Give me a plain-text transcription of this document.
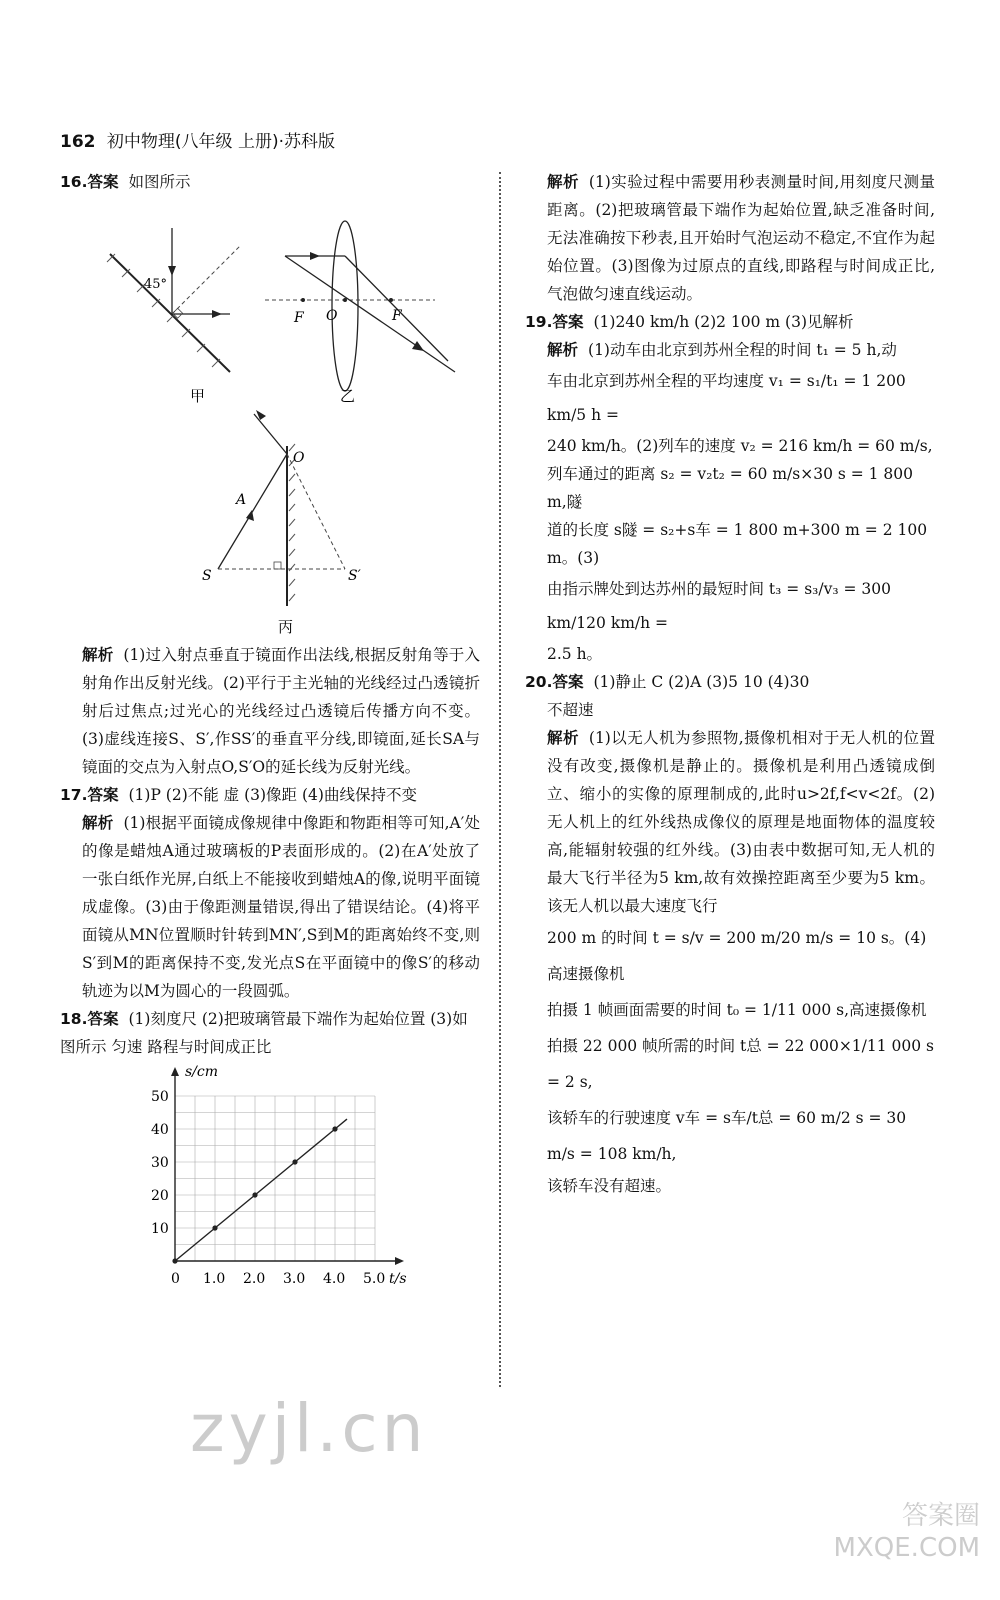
162 初中物理(八年级 上册)·苏科版

16.答案 如图所示

45°
甲
F O	F
乙
O
A
S	S′
丙

解析 (1)过入射点垂直于镜面作出法线,根据反射角等于入射角作出反射光线。(2)平行于主光轴的光线经过凸透镜折射后过焦点;过光心的光线经过凸透镜后传播方向不变。(3)虚线连接S、S′,作SS′的垂直平分线,即镜面,延长SA与镜面的交点为入射点O,S′O的延长线为反射光线。

17.答案 (1)P (2)不能 虚 (3)像距 (4)曲线保持不变

解析 (1)根据平面镜成像规律中像距和物距相等可知,A′处的像是蜡烛A通过玻璃板的P表面形成的。(2)在A′处放了一张白纸作光屏,白纸上不能接收到蜡烛A的像,说明平面镜成虚像。(3)由于像距测量错误,得出了错误结论。(4)将平面镜从MN位置顺时针转到MN′,S到M的距离始终不变,则S′到M的距离保持不变,发光点S在平面镜中的像S′的移动轨迹为以M为圆心的一段圆弧。

18.答案 (1)刻度尺 (2)把玻璃管最下端作为起始位置 (3)如图所示 匀速 路程与时间成正比

0 1.0 2.0 3.0 4.0 5.0
10
20
30
40
50
t/s
s/cm

解析 (1)实验过程中需要用秒表测量时间,用刻度尺测量距离。(2)把玻璃管最下端作为起始位置,缺乏准备时间,无法准确按下秒表,且开始时气泡运动不稳定,不宜作为起始位置。(3)图像为过原点的直线,即路程与时间成正比,气泡做匀速直线运动。

19.答案 (1)240 km/h (2)2 100 m (3)见解析

解析 (1)动车由北京到苏州全程的时间 t₁ = 5 h,动
车由北京到苏州全程的平均速度 v₁ = s₁/t₁ = 1 200 km/5 h =
240 km/h。(2)列车的速度 v₂ = 216 km/h = 60 m/s,
列车通过的距离 s₂ = v₂t₂ = 60 m/s×30 s = 1 800 m,隧
道的长度 s隧 = s₂+s车 = 1 800 m+300 m = 2 100 m。(3)
由指示牌处到达苏州的最短时间 t₃ = s₃/v₃ = 300 km/120 km/h =
2.5 h。

20.答案 (1)静止 C (2)A (3)5 10 (4)30

不超速

解析 (1)以无人机为参照物,摄像机相对于无人机的位置没有改变,摄像机是静止的。摄像机是利用凸透镜成倒立、缩小的实像的原理制成的,此时u>2f,f<v<2f。(2)无人机上的红外线热成像仪的原理是地面物体的温度较高,能辐射较强的红外线。(3)由表中数据可知,无人机的最大飞行半径为5 km,故有效操控距离至少要为5 km。该无人机以最大速度飞行

200 m 的时间 t = s/v = 200 m/20 m/s = 10 s。(4)高速摄像机
拍摄 1 帧画面需要的时间 t₀ = 1/11 000 s,高速摄像机
拍摄 22 000 帧所需的时间 t总 = 22 000×1/11 000 s = 2 s,
该轿车的行驶速度 v车 = s车/t总 = 60 m/2 s = 30 m/s = 108 km/h,
该轿车没有超速。
zyjl.cn
答案圈 MXQE.COM
